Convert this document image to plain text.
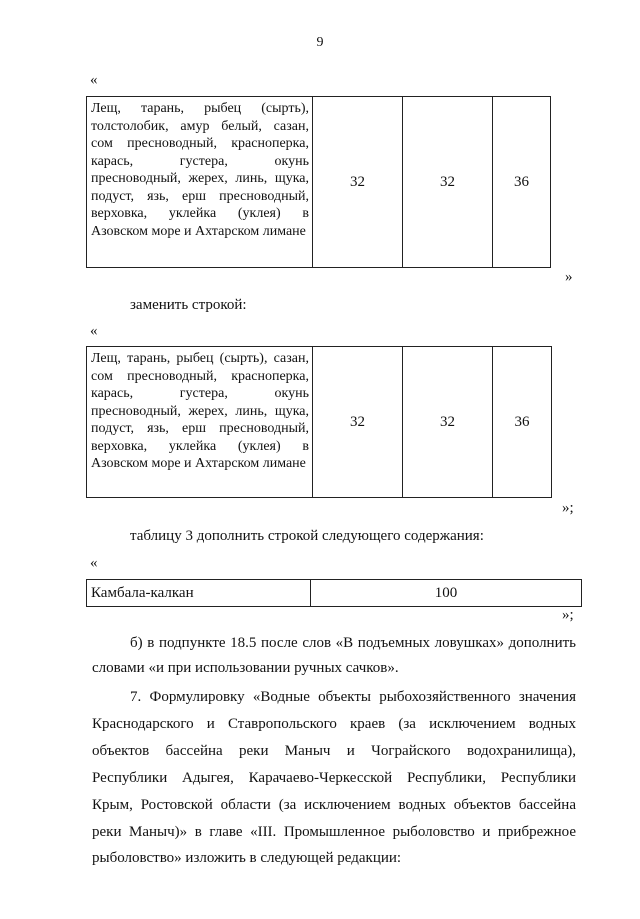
9
«
Лещ, тарань, рыбец (сырть), толстолобик, амур белый, сазан, сом пресноводный, красноперка, карась, густера, окунь пресноводный, жерех, линь, щука, подуст, язь, ерш пресноводный, верховка, уклейка (уклея) в Азовском море и Ахтарском лимане	32	32	36
»
заменить строкой:
«
Лещ, тарань, рыбец (сырть), сазан, сом пресноводный, красноперка, карась, густера, окунь пресноводный, жерех, линь, щука, подуст, язь, ерш пресноводный, верховка, уклейка (уклея) в Азовском море и Ахтарском лимане	32	32	36
»;
таблицу 3 дополнить строкой следующего содержания:
«
Камбала-калкан	100
»;
б) в подпункте 18.5 после слов «В подъемных ловушках» дополнить
словами «и при использовании ручных сачков».
7. Формулировку «Водные объекты рыбохозяйственного значения
Краснодарского и Ставропольского краев (за исключением водных
объектов бассейна реки Маныч и Чограйского водохранилища),
Республики Адыгея, Карачаево-Черкесской Республики, Республики
Крым, Ростовской области (за исключением водных объектов бассейна
реки Маныч)» в главе «III. Промышленное рыболовство и прибрежное
рыболовство» изложить в следующей редакции:
